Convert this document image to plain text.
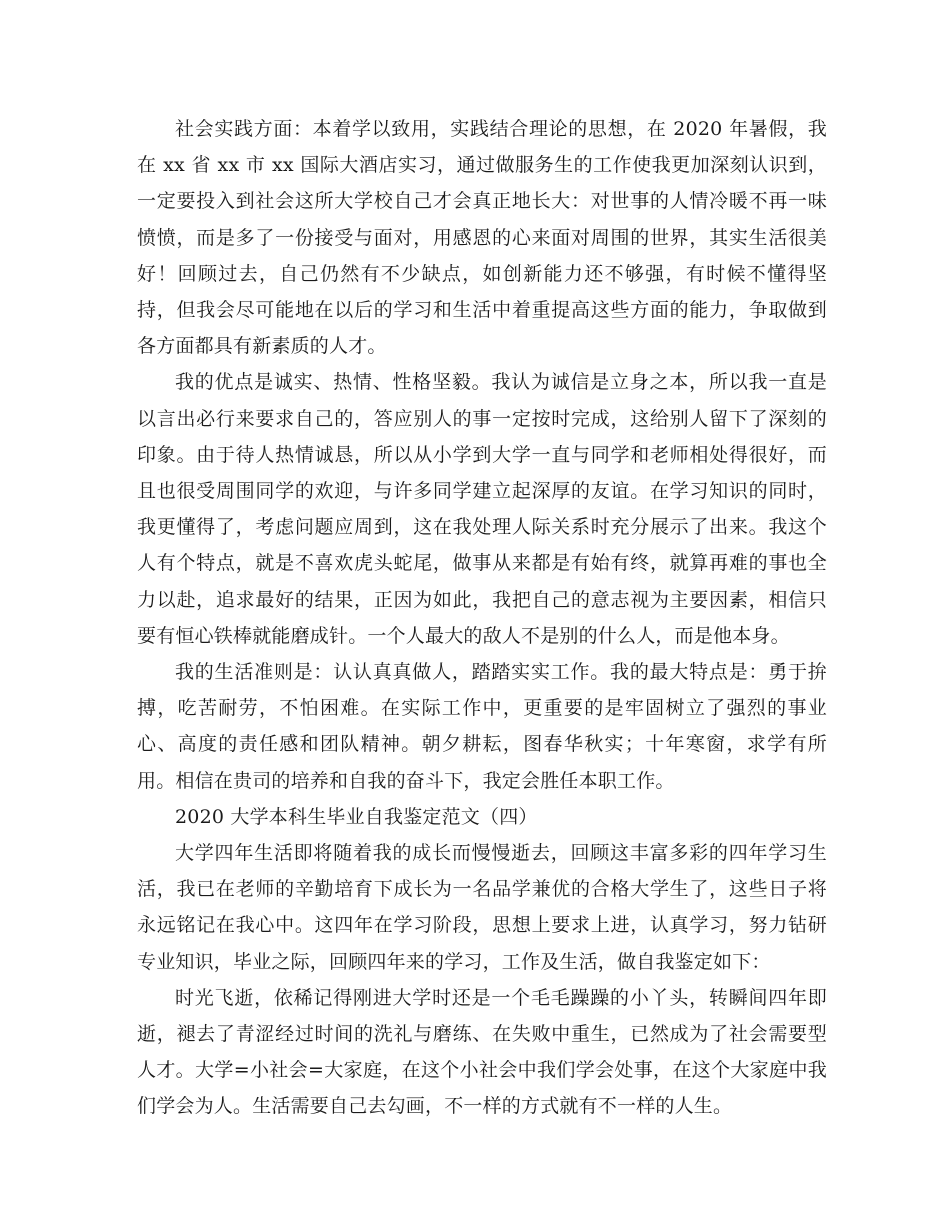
社会实践方面：本着学以致用，实践结合理论的思想，在 2020 年暑假，我在 xx 省 xx 市 xx 国际大酒店实习，通过做服务生的工作使我更加深刻认识到，一定要投入到社会这所大学校自己才会真正地长大：对世事的人情冷暖不再一味愤愤，而是多了一份接受与面对，用感恩的心来面对周围的世界，其实生活很美好！回顾过去，自己仍然有不少缺点，如创新能力还不够强，有时候不懂得坚持，但我会尽可能地在以后的学习和生活中着重提高这些方面的能力，争取做到各方面都具有新素质的人才。

我的优点是诚实、热情、性格坚毅。我认为诚信是立身之本，所以我一直是以言出必行来要求自己的，答应别人的事一定按时完成，这给别人留下了深刻的印象。由于待人热情诚恳，所以从小学到大学一直与同学和老师相处得很好，而且也很受周围同学的欢迎，与许多同学建立起深厚的友谊。在学习知识的同时，我更懂得了，考虑问题应周到，这在我处理人际关系时充分展示了出来。我这个人有个特点，就是不喜欢虎头蛇尾，做事从来都是有始有终，就算再难的事也全力以赴，追求最好的结果，正因为如此，我把自己的意志视为主要因素，相信只要有恒心铁棒就能磨成针。一个人最大的敌人不是别的什么人，而是他本身。

我的生活准则是：认认真真做人，踏踏实实工作。我的最大特点是：勇于拚搏，吃苦耐劳，不怕困难。在实际工作中，更重要的是牢固树立了强烈的事业心、高度的责任感和团队精神。朝夕耕耘，图春华秋实；十年寒窗，求学有所用。相信在贵司的培养和自我的奋斗下，我定会胜任本职工作。

2020 大学本科生毕业自我鉴定范文（四）

大学四年生活即将随着我的成长而慢慢逝去，回顾这丰富多彩的四年学习生活，我已在老师的辛勤培育下成长为一名品学兼优的合格大学生了，这些日子将永远铭记在我心中。这四年在学习阶段，思想上要求上进，认真学习，努力钻研专业知识，毕业之际，回顾四年来的学习，工作及生活，做自我鉴定如下：

时光飞逝，依稀记得刚进大学时还是一个毛毛躁躁的小丫头，转瞬间四年即逝，褪去了青涩经过时间的洗礼与磨练、在失败中重生，已然成为了社会需要型人才。大学=小社会=大家庭，在这个小社会中我们学会处事，在这个大家庭中我们学会为人。生活需要自己去勾画，不一样的方式就有不一样的人生。
